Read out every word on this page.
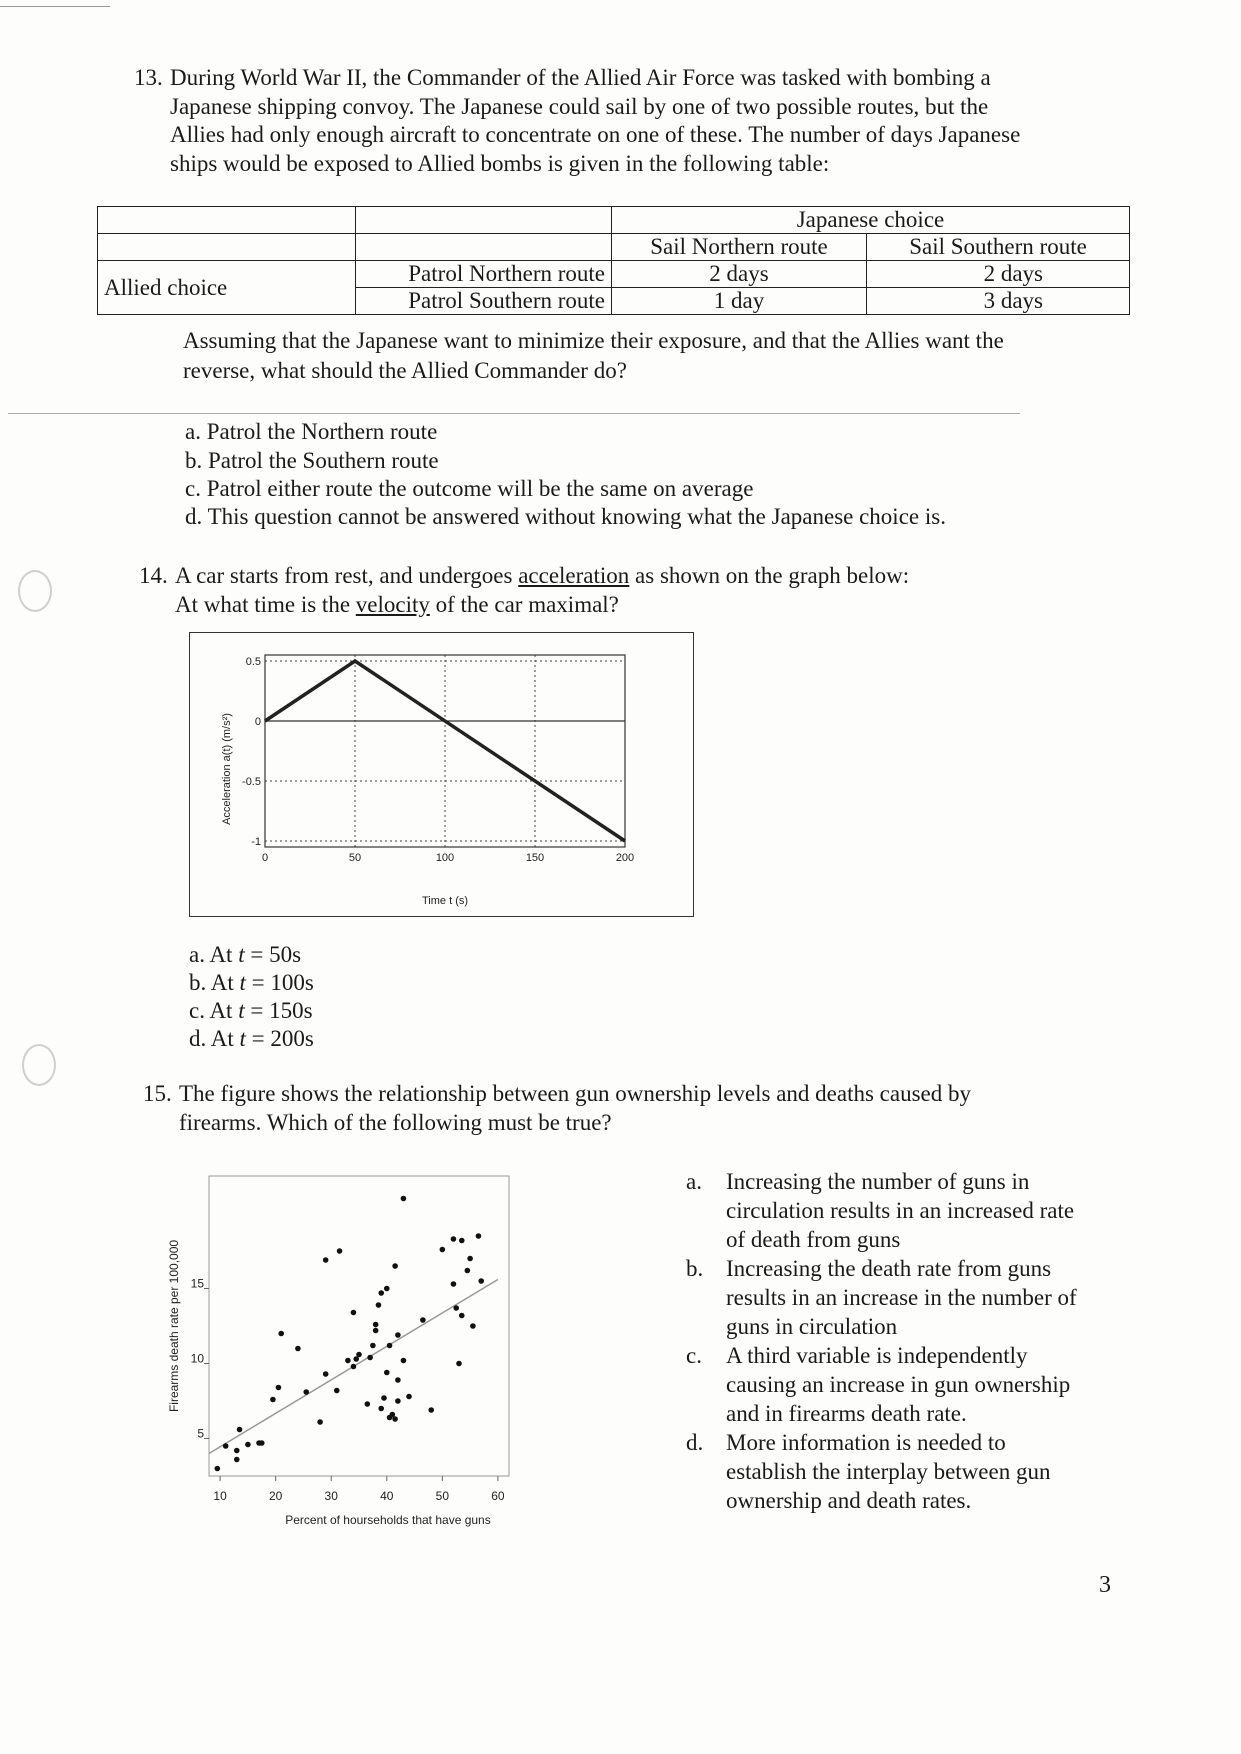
13. During World War II, the Commander of the Allied Air Force was tasked with bombing a
Japanese shipping convoy. The Japanese could sail by one of two possible routes, but the
Allies had only enough aircraft to concentrate on one of these. The number of days Japanese
ships would be exposed to Allied bombs is given in the following table:
		Japanese choice	
		Sail Northern route	Sail Southern route
Allied choice	Patrol Northern route	2 days	2 days
	Patrol Southern route	1 day	3 days
Assuming that the Japanese want to minimize their exposure, and that the Allies want the
reverse, what should the Allied Commander do?
a. Patrol the Northern route
b. Patrol the Southern route
c. Patrol either route the outcome will be the same on average
d. This question cannot be answered without knowing what the Japanese choice is.
14. A car starts from rest, and undergoes acceleration as shown on the graph below:
At what time is the velocity of the car maximal?
0	50	100	150	200
0.5
0
-0.5
-1
Time t (s)
Acceleration a(t) (m/s²)
a. At t = 50s
b. At t = 100s
c. At t = 150s
d. At t = 200s
15. The figure shows the relationship between gun ownership levels and deaths caused by
firearms. Which of the following must be true?
10	20	30	40	50	60
5
10
15
Percent of hourseholds that have guns
Firearms death rate per 100,000
a. Increasing the number of guns in
circulation results in an increased rate
of death from guns
b. Increasing the death rate from guns
results in an increase in the number of
guns in circulation
c. A third variable is independently
causing an increase in gun ownership
and in firearms death rate.
d. More information is needed to
establish the interplay between gun
ownership and death rates.
3
